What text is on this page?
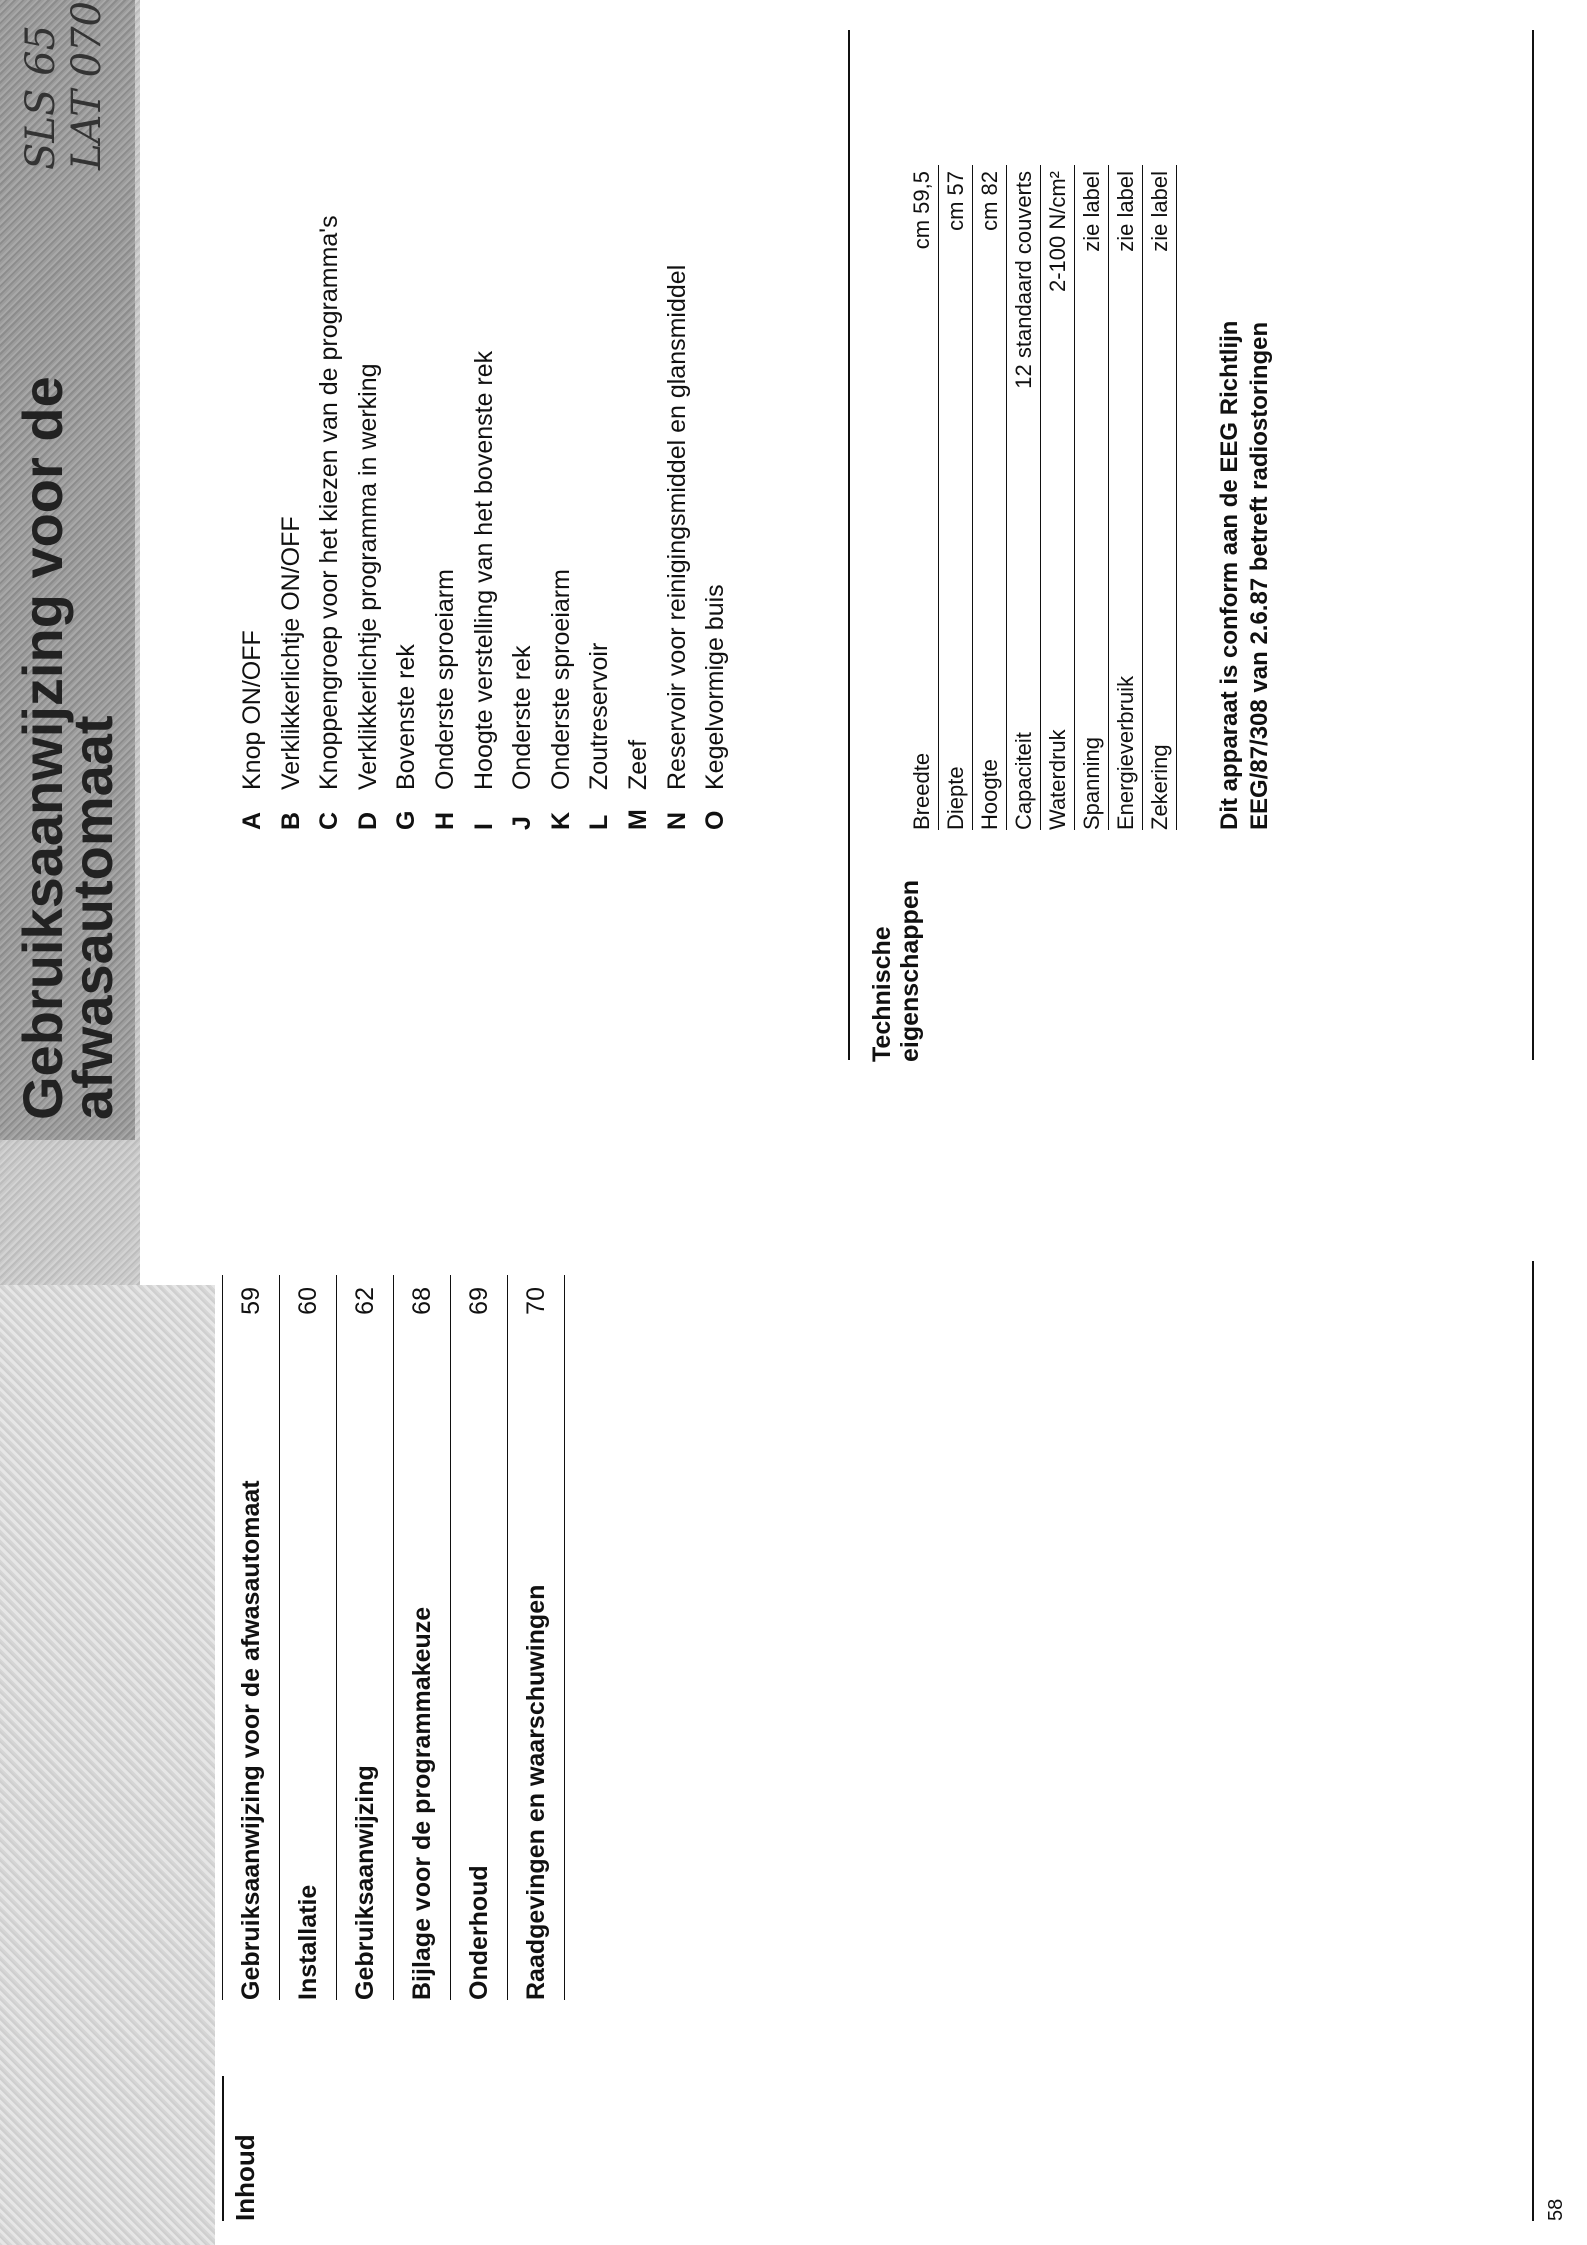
Gebruiksaanwijzing voor de
afwasautomaat
SLS 65 LAT 070
Inhoud
Gebruiksaanwijzing voor de afwasautomaat
59
Installatie
60
Gebruiksaanwijzing
62
Bijlage voor de programmakeuze
68
Onderhoud
69
Raadgevingen en waarschuwingen
70
A
Knop ON/OFF
B
Verklikkerlichtje ON/OFF
C
Knoppengroep voor het kiezen van de programma's
D
Verklikkerlichtje programma in werking
G
Bovenste rek
H
Onderste sproeiarm
I
Hoogte verstelling van het bovenste rek
J
Onderste rek
K
Onderste sproeiarm
L
Zoutreservoir
M
Zeef
N
Reservoir voor reinigingsmiddel en glansmiddel
O
Kegelvormige buis
Technische eigenschappen
Breedte
cm 59,5
Diepte
cm 57
Hoogte
cm 82
Capaciteit
12 standaard couverts
Waterdruk
2-100 N/cm²
Spanning
zie label
Energieverbruik
zie label
Zekering
zie label
Dit apparaat is conform aan de EEG Richtlijn EEG/87/308 van 2.6.87 betreft radiostoringen
58
